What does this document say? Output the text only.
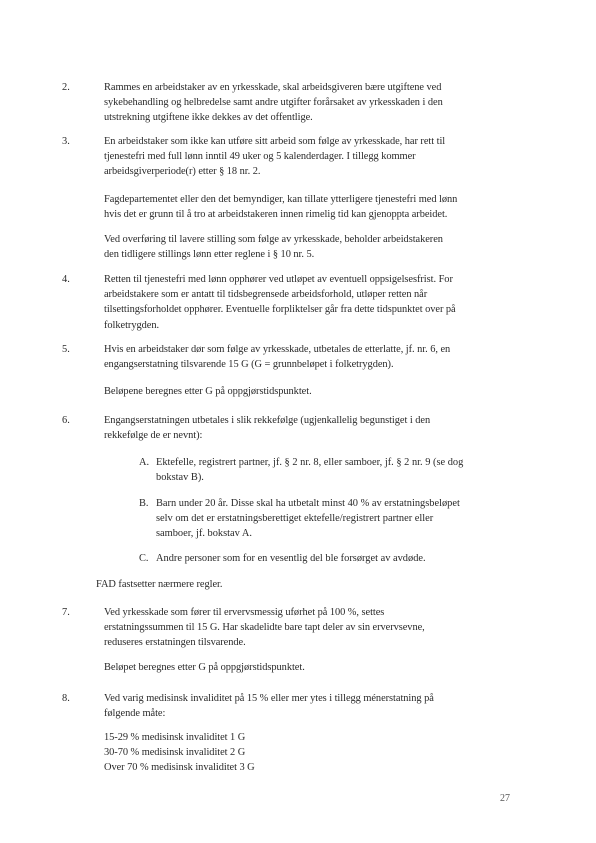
2.	Rammes en arbeidstaker av en yrkesskade, skal arbeidsgiveren bære utgiftene ved
sykebehandling og helbredelse samt andre utgifter forårsaket av yrkesskaden i den
utstrekning utgiftene ikke dekkes av det offentlige.
3.	En arbeidstaker som ikke kan utføre sitt arbeid som følge av yrkesskade, har rett til
tjenestefri med full lønn inntil 49 uker og 5 kalenderdager. I tillegg kommer
arbeidsgiverperiode(r) etter § 18 nr. 2.
Fagdepartementet eller den det bemyndiger, kan tillate ytterligere tjenestefri med lønn
hvis det er grunn til å tro at arbeidstakeren innen rimelig tid kan gjenoppta arbeidet.
Ved overføring til lavere stilling som følge av yrkesskade, beholder arbeidstakeren
den tidligere stillings lønn etter reglene i § 10 nr. 5.
4.	Retten til tjenestefri med lønn opphører ved utløpet av eventuell oppsigelsesfrist. For
arbeidstakere som er antatt til tidsbegrensede arbeidsforhold, utløper retten når
tilsettingsforholdet opphører. Eventuelle forpliktelser går fra dette tidspunktet over på
folketrygden.
5.	Hvis en arbeidstaker dør som følge av yrkesskade, utbetales de etterlatte, jf. nr. 6, en
engangserstatning tilsvarende 15 G (G = grunnbeløpet i folketrygden).
Beløpene beregnes etter G på oppgjørstidspunktet.
6.	Engangserstatningen utbetales i slik rekkefølge (ugjenkallelig begunstiget i den
rekkefølge de er nevnt):
A. Ektefelle, registrert partner, jf. § 2 nr. 8, eller samboer, jf. § 2 nr. 9 (se dog
bokstav B).
B. Barn under 20 år. Disse skal ha utbetalt minst 40 % av erstatningsbeløpet
selv om det er erstatningsberettiget ektefelle/registrert partner eller
samboer, jf. bokstav A.
C. Andre personer som for en vesentlig del ble forsørget av avdøde.
FAD fastsetter nærmere regler.
7.	Ved yrkesskade som fører til ervervsmessig uførhet på 100 %, settes
erstatningssummen til 15 G. Har skadelidte bare tapt deler av sin ervervsevne,
reduseres erstatningen tilsvarende.
Beløpet beregnes etter G på oppgjørstidspunktet.
8.	Ved varig medisinsk invaliditet på 15 % eller mer ytes i tillegg ménerstatning på
følgende måte:
15-29 % medisinsk invaliditet 1 G
30-70 % medisinsk invaliditet 2 G
Over 70 % medisinsk invaliditet 3 G
27
